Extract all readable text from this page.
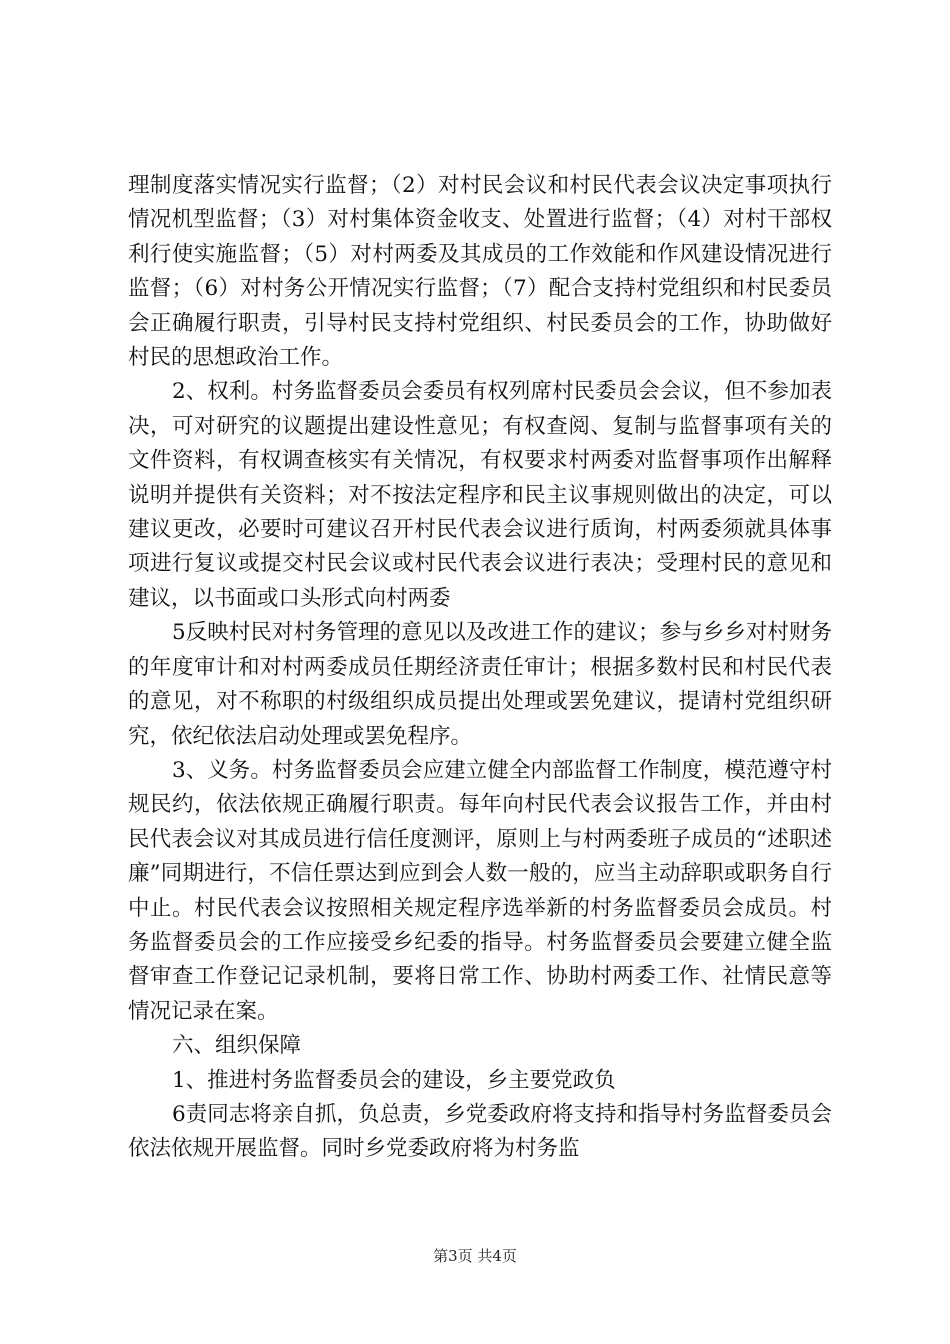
理制度落实情况实行监督；（2）对村民会议和村民代表会议决定事项执行情况机型监督；（3）对村集体资金收支、处置进行监督；（4）对村干部权利行使实施监督；（5）对村两委及其成员的工作效能和作风建设情况进行监督；（6）对村务公开情况实行监督；（7）配合支持村党组织和村民委员会正确履行职责，引导村民支持村党组织、村民委员会的工作，协助做好村民的思想政治工作。

2、权利。村务监督委员会委员有权列席村民委员会会议，但不参加表决，可对研究的议题提出建设性意见；有权查阅、复制与监督事项有关的文件资料，有权调查核实有关情况，有权要求村两委对监督事项作出解释说明并提供有关资料；对不按法定程序和民主议事规则做出的决定，可以建议更改，必要时可建议召开村民代表会议进行质询，村两委须就具体事项进行复议或提交村民会议或村民代表会议进行表决；受理村民的意见和建议，以书面或口头形式向村两委

5反映村民对村务管理的意见以及改进工作的建议；参与乡乡对村财务的年度审计和对村两委成员任期经济责任审计；根据多数村民和村民代表的意见，对不称职的村级组织成员提出处理或罢免建议，提请村党组织研究，依纪依法启动处理或罢免程序。

3、义务。村务监督委员会应建立健全内部监督工作制度，模范遵守村规民约，依法依规正确履行职责。每年向村民代表会议报告工作，并由村民代表会议对其成员进行信任度测评，原则上与村两委班子成员的“述职述廉”同期进行，不信任票达到应到会人数一般的，应当主动辞职或职务自行中止。村民代表会议按照相关规定程序选举新的村务监督委员会成员。村务监督委员会的工作应接受乡纪委的指导。村务监督委员会要建立健全监督审查工作登记记录机制，要将日常工作、协助村两委工作、社情民意等情况记录在案。

六、组织保障

1、推进村务监督委员会的建设，乡主要党政负

6责同志将亲自抓，负总责，乡党委政府将支持和指导村务监督委员会依法依规开展监督。同时乡党委政府将为村务监

第3页 共4页
